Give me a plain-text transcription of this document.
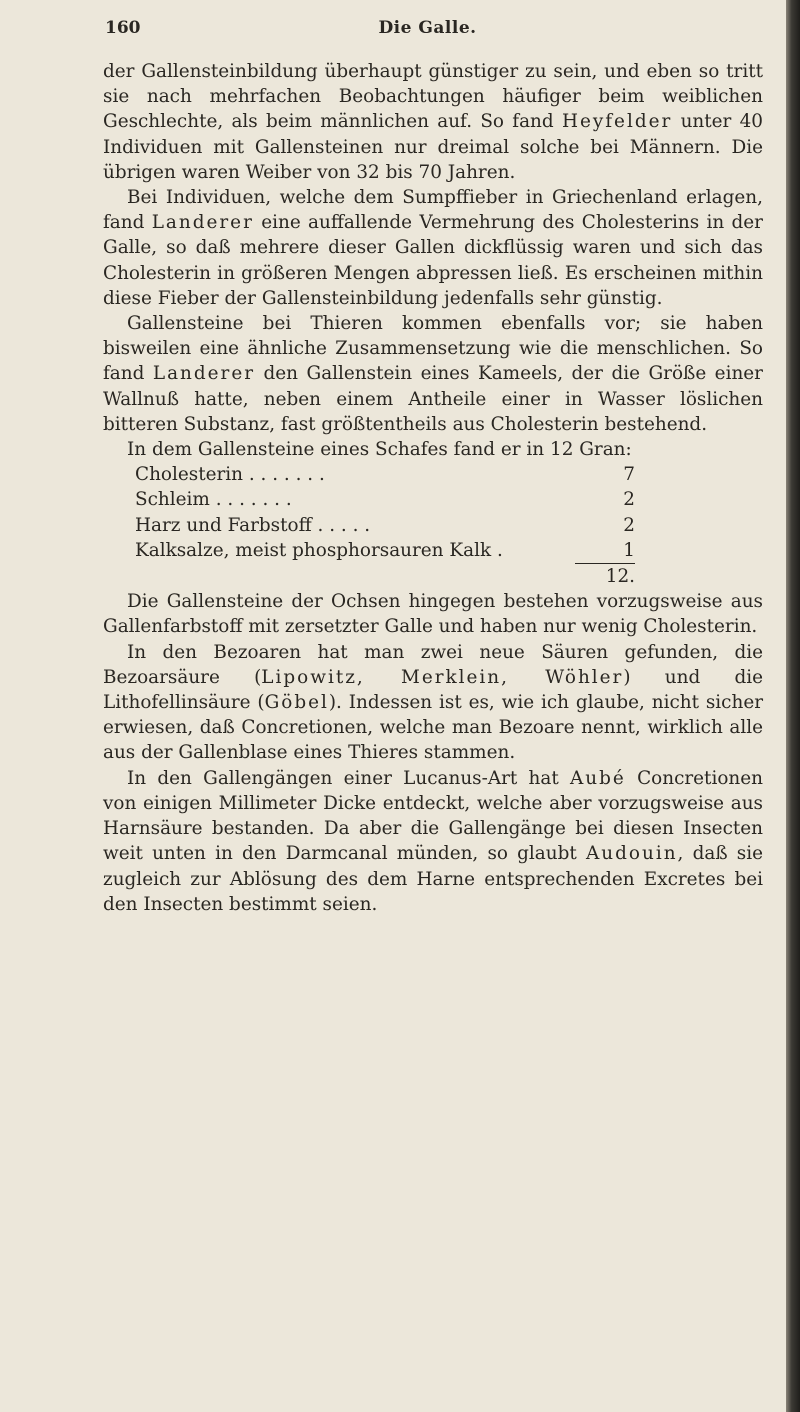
160	Die Galle.

der Gallensteinbildung überhaupt günstiger zu sein, und eben so tritt sie nach mehrfachen Beobachtungen häufiger beim weiblichen Geschlechte, als beim männlichen auf. So fand Heyfelder unter 40 Individuen mit Gallensteinen nur dreimal solche bei Männern. Die übrigen waren Weiber von 32 bis 70 Jahren.

Bei Individuen, welche dem Sumpffieber in Griechenland erlagen, fand Landerer eine auffallende Vermehrung des Cholesterins in der Galle, so daß mehrere dieser Gallen dickflüssig waren und sich das Cholesterin in größeren Mengen abpressen ließ. Es erscheinen mithin diese Fieber der Gallensteinbildung jedenfalls sehr günstig.

Gallensteine bei Thieren kommen ebenfalls vor; sie haben bisweilen eine ähnliche Zusammensetzung wie die menschlichen. So fand Landerer den Gallenstein eines Kameels, der die Größe einer Wallnuß hatte, neben einem Antheile einer in Wasser löslichen bitteren Substanz, fast größtentheils aus Cholesterin bestehend.

In dem Gallensteine eines Schafes fand er in 12 Gran:

Cholesterin . . . . . . .	7
Schleim . . . . . . .	2
Harz und Farbstoff . . . . .	2
Kalksalze, meist phosphorsauren Kalk .	1
	12.

Die Gallensteine der Ochsen hingegen bestehen vorzugsweise aus Gallenfarbstoff mit zersetzter Galle und haben nur wenig Cholesterin.

In den Bezoaren hat man zwei neue Säuren gefunden, die Bezoarsäure (Lipowitz, Merklein, Wöhler) und die Lithofellinsäure (Göbel). Indessen ist es, wie ich glaube, nicht sicher erwiesen, daß Concretionen, welche man Bezoare nennt, wirklich alle aus der Gallenblase eines Thieres stammen.

In den Gallengängen einer Lucanus-Art hat Aubé Concretionen von einigen Millimeter Dicke entdeckt, welche aber vorzugsweise aus Harnsäure bestanden. Da aber die Gallengänge bei diesen Insecten weit unten in den Darmcanal münden, so glaubt Audouin, daß sie zugleich zur Ablösung des dem Harne entsprechenden Excretes bei den Insecten bestimmt seien.
